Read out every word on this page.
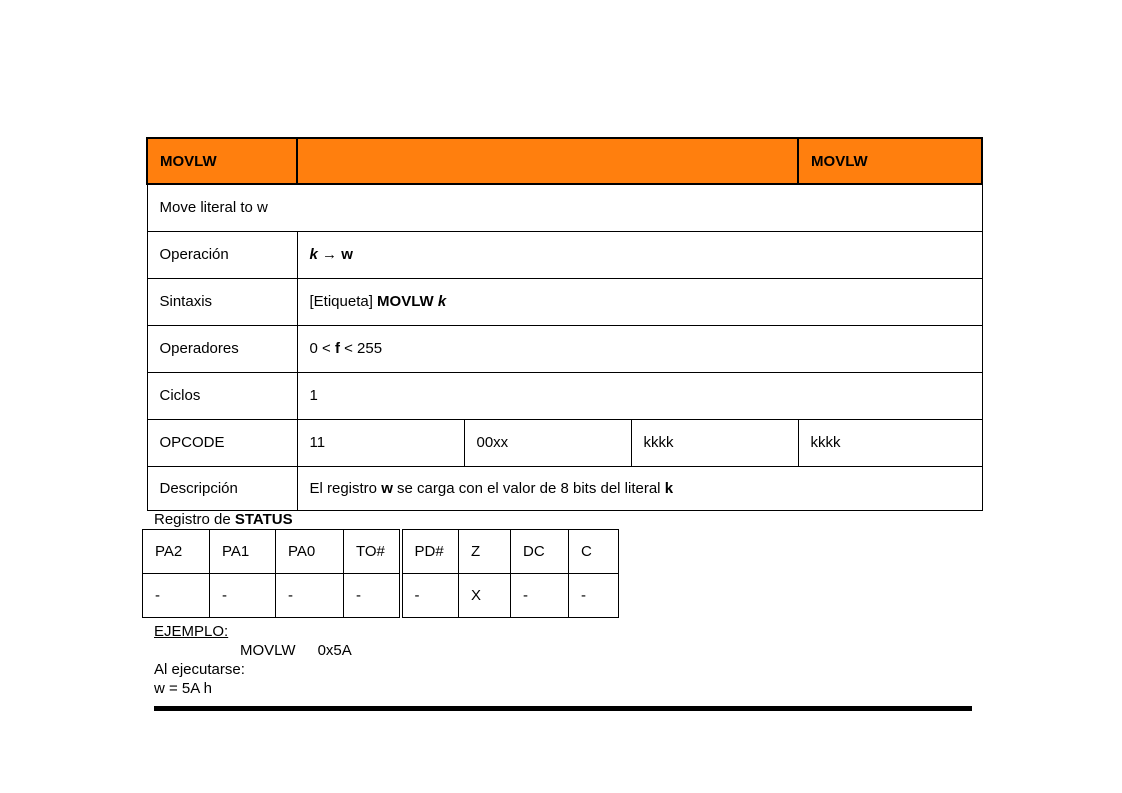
MOVLW				MOVLW
Move literal to w				
Operación	k → w			
Sintaxis	[Etiqueta] MOVLW k			
Operadores	0 < f < 255			
Ciclos	1			
OPCODE	11	00xx	kkkk	kkkk
Descripción	El registro w se carga con el valor de 8 bits del literal k			
Registro de STATUS
PA2	PA1	PA0	TO#	PD#	Z	DC	C
-	-	-	-	-	X	-	-
EJEMPLO:
MOVLW 0x5A
Al ejecutarse:
w = 5A h
